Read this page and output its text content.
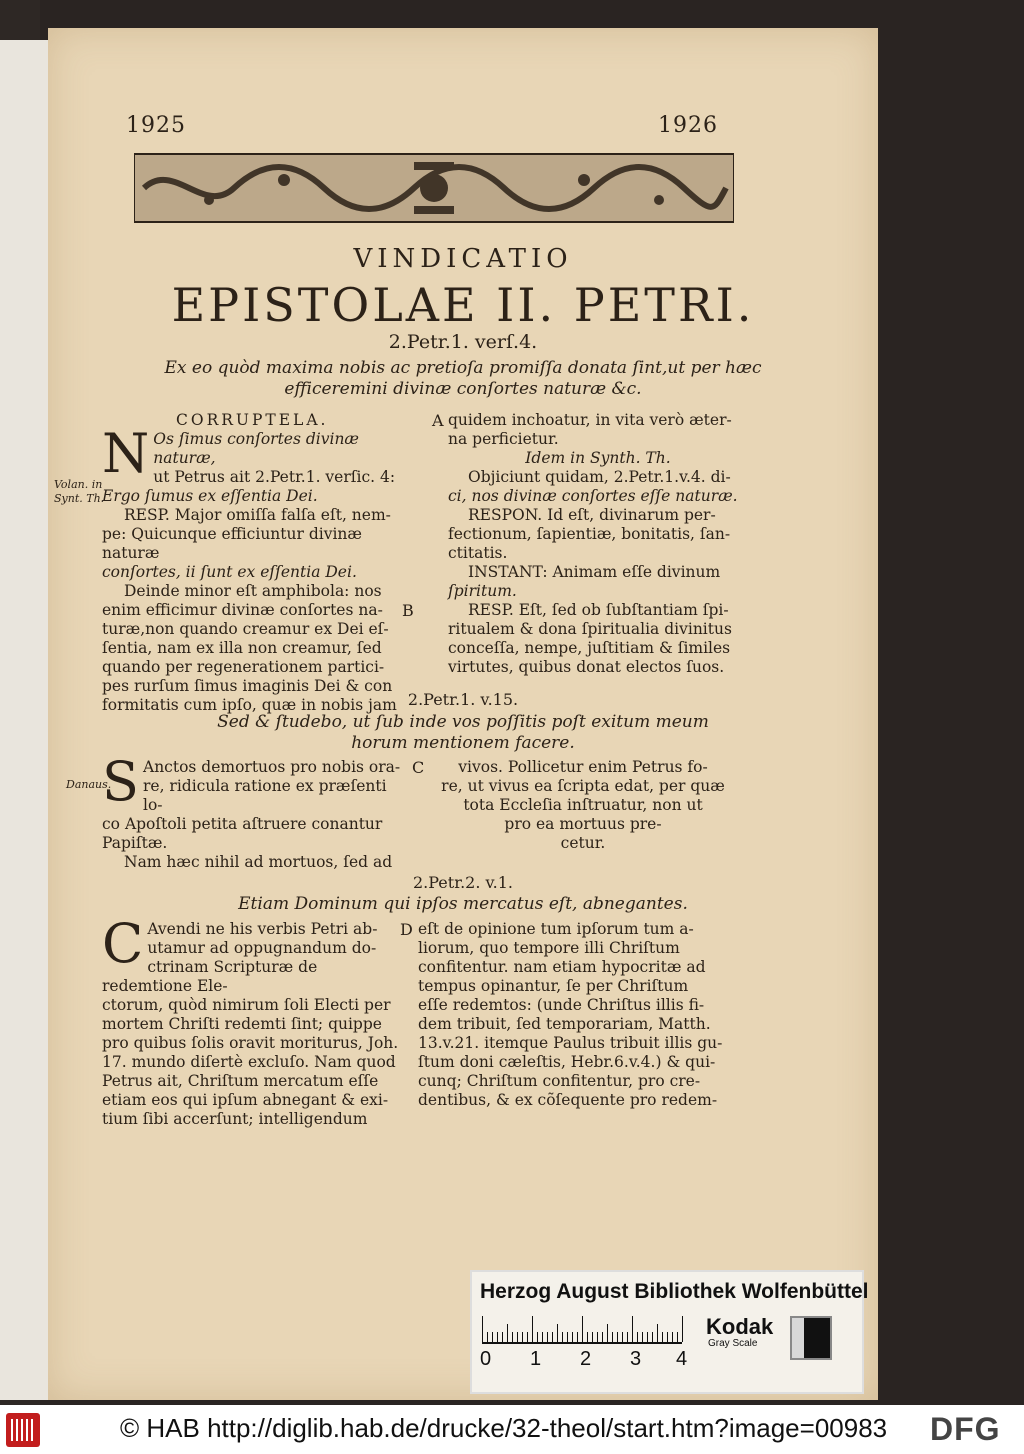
1925	1926
VINDICATIO
EPISTOLAE II. PETRI.
2.Petr.1. verſ.4.
Ex eo quòd maxima nobis ac pretioſa promiſſa donata ſint,ut per hæc
efficeremini divinæ conſortes naturæ &c.

CORRUPTELA.

N Os ſimus conſortes divinæ naturæ,

ut Petrus ait 2.Petr.1. verſic. 4:

Ergo ſumus ex eſſentia Dei.

RESP. Major omiſſa falſa eſt, nem-

pe: Quicunque efficiuntur divinæ naturæ

conſortes, ii ſunt ex eſſentia Dei.

Deinde minor eſt amphibola: nos

enim efficimur divinæ conſortes na-

turæ,non quando creamur ex Dei eſ-

ſentia, nam ex illa non creamur, ſed

quando per regenerationem partici-

pes rurſum ſimus imaginis Dei & con

formitatis cum ipſo, quæ in nobis jam

A
B

quidem inchoatur, in vita verò æter-

na perficietur.

Idem in Synth. Th.

Objiciunt quidam, 2.Petr.1.v.4. di-

ci, nos divinæ conſortes eſſe naturæ.

RESPON. Id eſt, divinarum per-

fectionum, ſapientiæ, bonitatis, ſan-

ctitatis.

INSTANT: Animam eſſe divinum

ſpiritum.

RESP. Eſt, ſed ob ſubſtantiam ſpi-

ritualem & dona ſpiritualia divinitus

conceſſa, nempe, juſtitiam & ſimiles

virtutes, quibus donat electos ſuos.

2.Petr.1. v.15.
Sed & ſtudebo, ut ſub inde vos poſſitis poſt exitum meum
horum mentionem facere.
S Anctos demortuos pro nobis ora-

re, ridicula ratione ex præſenti lo-

co Apoſtoli petita aſtruere conantur

Papiſtæ.

Nam hæc nihil ad mortuos, ſed ad

C	vivos. Pollicetur enim Petrus fo-

re, ut vivus ea ſcripta edat, per quæ

tota Eccleſia inſtruatur, non ut

pro ea mortuus pre-

cetur.

2.Petr.2. v.1.
Etiam Dominum qui ipſos mercatus eſt, abnegantes.
C Avendi ne his verbis Petri ab-

utamur ad oppugnandum do-

ctrinam Scripturæ de redemtione Ele-

ctorum, quòd nimirum ſoli Electi per

mortem Chriſti redemti ſint; quippe

pro quibus ſolis oravit moriturus, Joh.

17. mundo diſertè excluſo. Nam quod

Petrus ait, Chriſtum mercatum eſſe

etiam eos qui ipſum abnegant & exi-

tium ſibi accerſunt; intelligendum

D eſt de opinione tum ipſorum tum a-

liorum, quo tempore illi Chriſtum

confitentur. nam etiam hypocritæ ad

tempus opinantur, ſe per Chriſtum

eſſe redemtos: (unde Chriſtus illis fi-

dem tribuit, ſed temporariam, Matth.

13.v.21. itemque Paulus tribuit illis gu-

ſtum doni cæleſtis, Hebr.6.v.4.) & qui-

cunq; Chriſtum confitentur, pro cre-

dentibus, & ex cõſequente pro redem-

Volan. in Synt. Th.
Danaus.
Herzog August Bibliothek Wolfenbüttel
0 1 2 3 4
Kodak
Gray Scale
© HAB http://diglib.hab.de/drucke/32-theol/start.htm?image=00983 DFG
